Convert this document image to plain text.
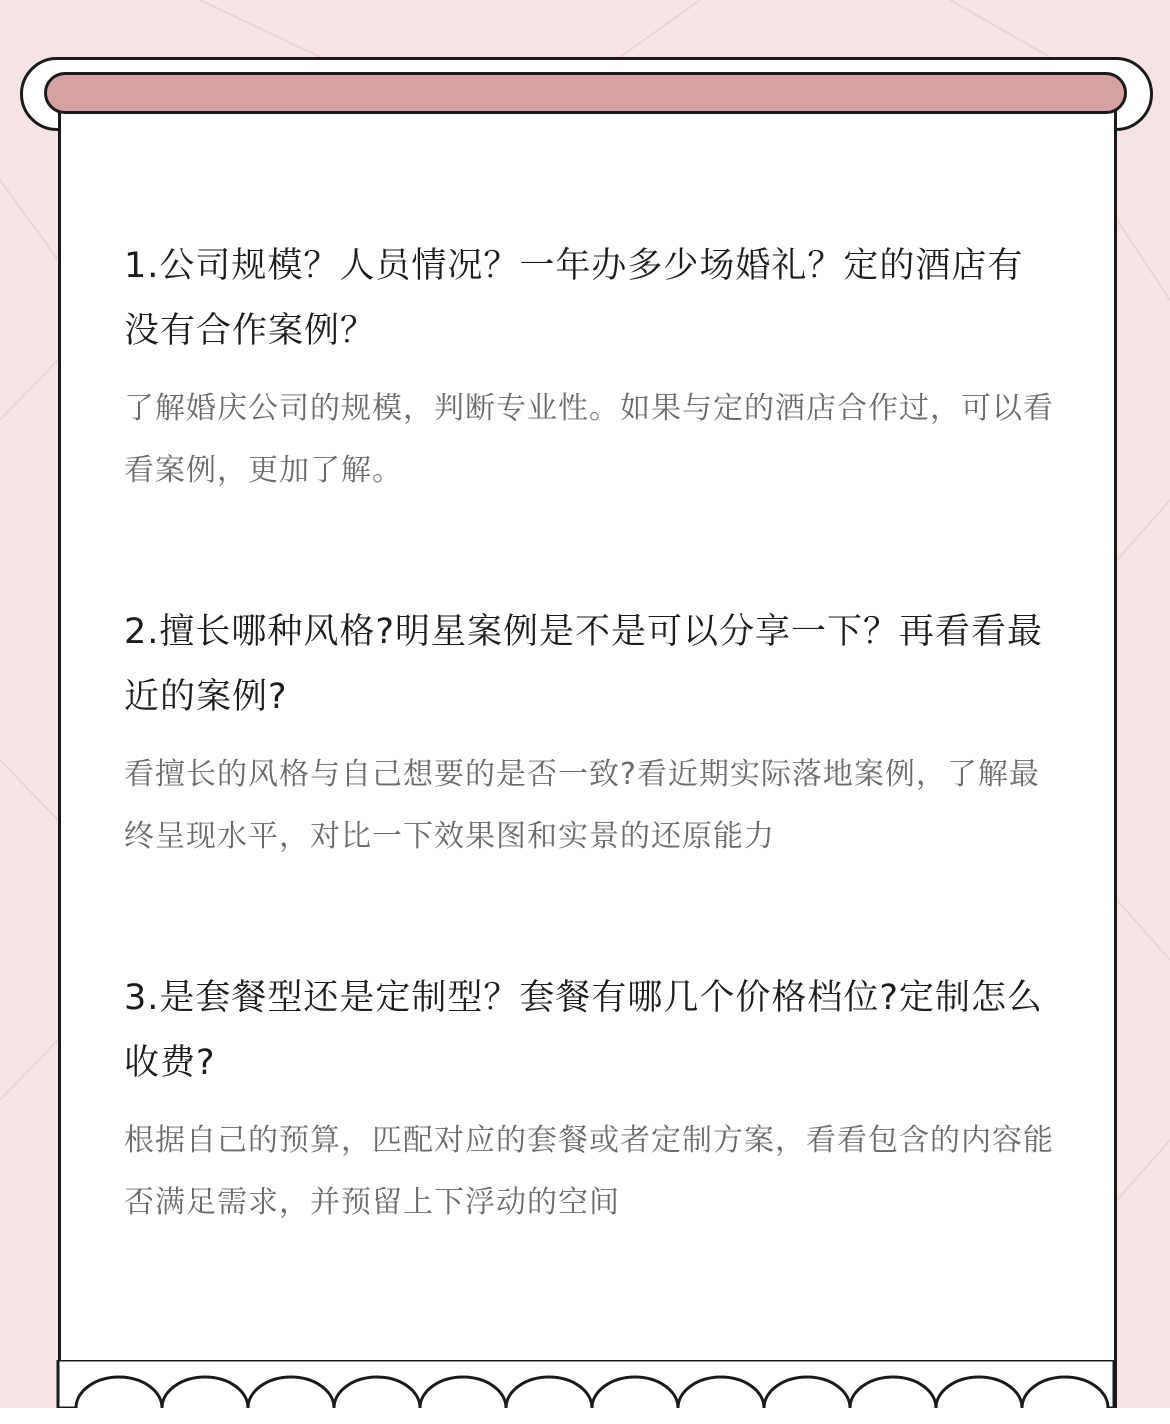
1.公司规模？人员情况？一年办多少场婚礼？定的酒店有没有合作案例？

了解婚庆公司的规模，判断专业性。如果与定的酒店合作过，可以看看案例，更加了解。

2.擅长哪种风格?明星案例是不是可以分享一下？再看看最近的案例?

看擅长的风格与自己想要的是否一致?看近期实际落地案例，了解最终呈现水平，对比一下效果图和实景的还原能力

3.是套餐型还是定制型？套餐有哪几个价格档位?定制怎么收费?

根据自己的预算，匹配对应的套餐或者定制方案，看看包含的内容能否满足需求，并预留上下浮动的空间
